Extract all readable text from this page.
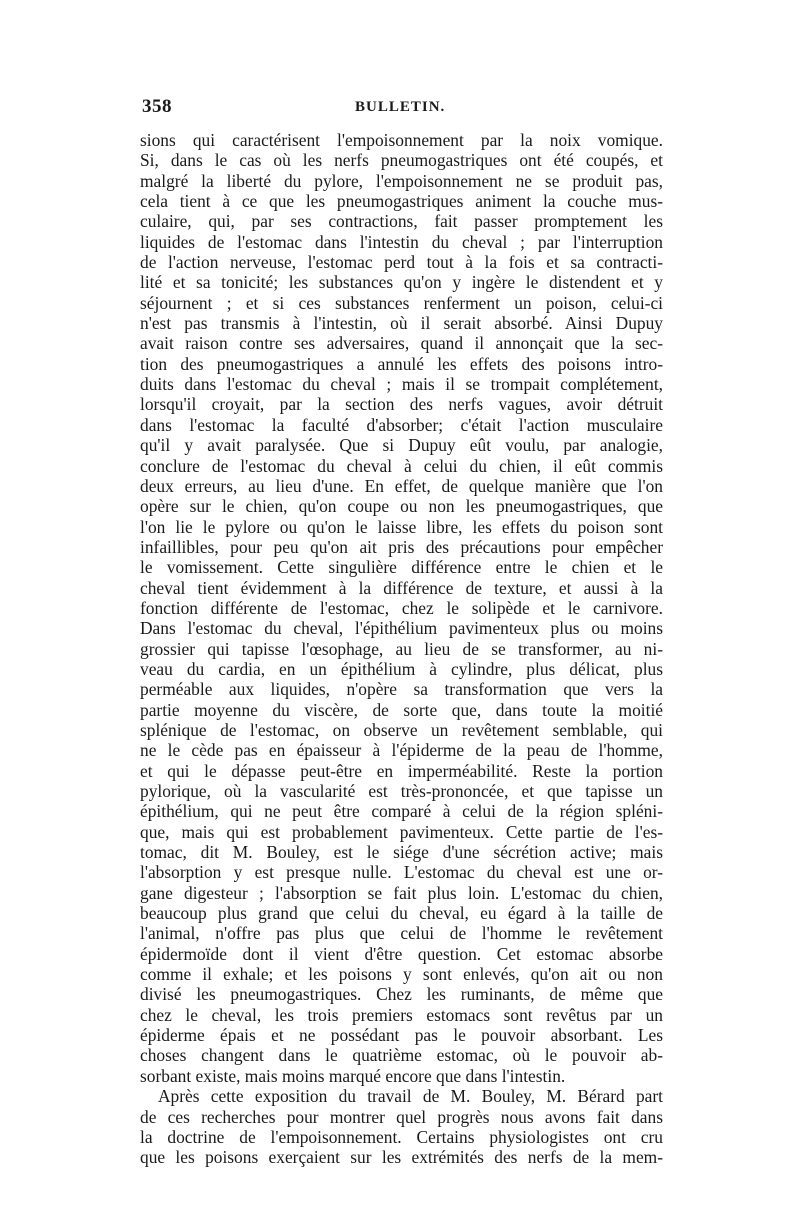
358	BULLETIN.
sions qui caractérisent l'empoisonnement par la noix vomique.
Si, dans le cas où les nerfs pneumogastriques ont été coupés, et
malgré la liberté du pylore, l'empoisonnement ne se produit pas,
cela tient à ce que les pneumogastriques animent la couche mus-
culaire, qui, par ses contractions, fait passer promptement les
liquides de l'estomac dans l'intestin du cheval ; par l'interruption
de l'action nerveuse, l'estomac perd tout à la fois et sa contracti-
lité et sa tonicité; les substances qu'on y ingère le distendent et y
séjournent ; et si ces substances renferment un poison, celui-ci
n'est pas transmis à l'intestin, où il serait absorbé. Ainsi Dupuy
avait raison contre ses adversaires, quand il annonçait que la sec-
tion des pneumogastriques a annulé les effets des poisons intro-
duits dans l'estomac du cheval ; mais il se trompait complétement,
lorsqu'il croyait, par la section des nerfs vagues, avoir détruit
dans l'estomac la faculté d'absorber; c'était l'action musculaire
qu'il y avait paralysée. Que si Dupuy eût voulu, par analogie,
conclure de l'estomac du cheval à celui du chien, il eût commis
deux erreurs, au lieu d'une. En effet, de quelque manière que l'on
opère sur le chien, qu'on coupe ou non les pneumogastriques, que
l'on lie le pylore ou qu'on le laisse libre, les effets du poison sont
infaillibles, pour peu qu'on ait pris des précautions pour empêcher
le vomissement. Cette singulière différence entre le chien et le
cheval tient évidemment à la différence de texture, et aussi à la
fonction différente de l'estomac, chez le solipède et le carnivore.
Dans l'estomac du cheval, l'épithélium pavimenteux plus ou moins
grossier qui tapisse l'œsophage, au lieu de se transformer, au ni-
veau du cardia, en un épithélium à cylindre, plus délicat, plus
perméable aux liquides, n'opère sa transformation que vers la
partie moyenne du viscère, de sorte que, dans toute la moitié
splénique de l'estomac, on observe un revêtement semblable, qui
ne le cède pas en épaisseur à l'épiderme de la peau de l'homme,
et qui le dépasse peut-être en imperméabilité. Reste la portion
pylorique, où la vascularité est très-prononcée, et que tapisse un
épithélium, qui ne peut être comparé à celui de la région spléni-
que, mais qui est probablement pavimenteux. Cette partie de l'es-
tomac, dit M. Bouley, est le siége d'une sécrétion active; mais
l'absorption y est presque nulle. L'estomac du cheval est une or-
gane digesteur ; l'absorption se fait plus loin. L'estomac du chien,
beaucoup plus grand que celui du cheval, eu égard à la taille de
l'animal, n'offre pas plus que celui de l'homme le revêtement
épidermoïde dont il vient d'être question. Cet estomac absorbe
comme il exhale; et les poisons y sont enlevés, qu'on ait ou non
divisé les pneumogastriques. Chez les ruminants, de même que
chez le cheval, les trois premiers estomacs sont revêtus par un
épiderme épais et ne possédant pas le pouvoir absorbant. Les
choses changent dans le quatrième estomac, où le pouvoir ab-
sorbant existe, mais moins marqué encore que dans l'intestin.
Après cette exposition du travail de M. Bouley, M. Bérard part
de ces recherches pour montrer quel progrès nous avons fait dans
la doctrine de l'empoisonnement. Certains physiologistes ont cru
que les poisons exerçaient sur les extrémités des nerfs de la mem-
